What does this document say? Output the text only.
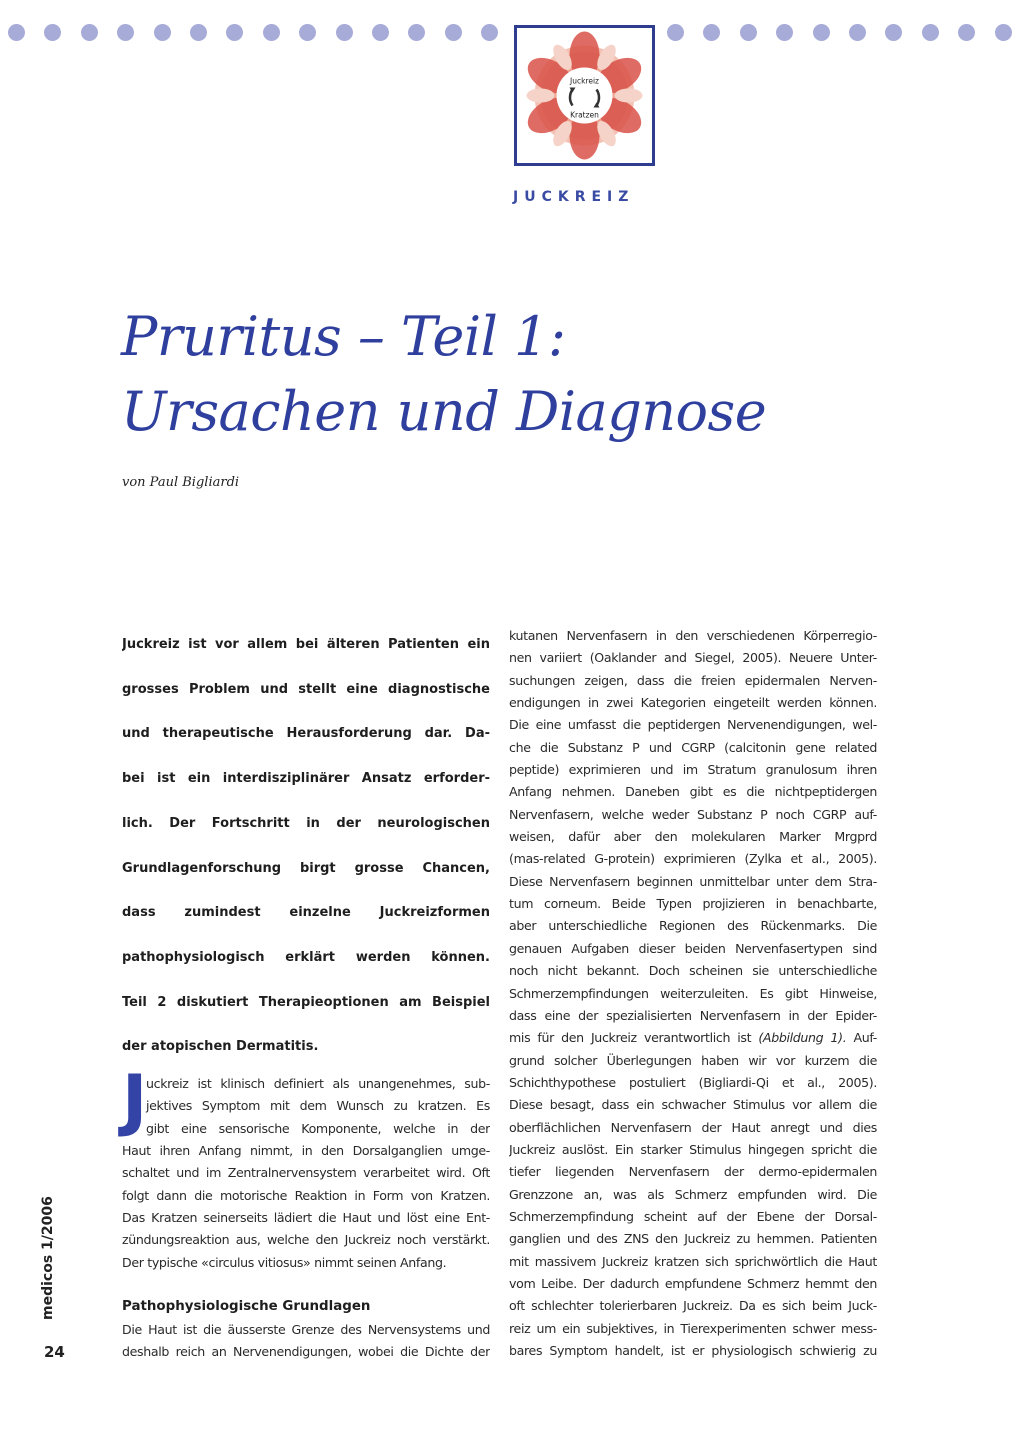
Juckreiz
Kratzen
JUCKREIZ
Pruritus – Teil 1:
Ursachen und Diagnose
von Paul Bigliardi
Juckreiz ist vor allem bei älteren Patienten ein
grosses Problem und stellt eine diagnostische
und therapeutische Herausforderung dar. Da-
bei ist ein interdisziplinärer Ansatz erforder-
lich. Der Fortschritt in der neurologischen
Grundlagenforschung birgt grosse Chancen,
dass zumindest einzelne Juckreizformen
pathophysiologisch erklärt werden können.
Teil 2 diskutiert Therapieoptionen am Beispiel
der atopischen Dermatitis.
J
uckreiz ist klinisch definiert als unangenehmes, sub-
jektives Symptom mit dem Wunsch zu kratzen. Es
gibt eine sensorische Komponente, welche in der
Haut ihren Anfang nimmt, in den Dorsalganglien umge-
schaltet und im Zentralnervensystem verarbeitet wird. Oft
folgt dann die motorische Reaktion in Form von Kratzen.
Das Kratzen seinerseits lädiert die Haut und löst eine Ent-
zündungsreaktion aus, welche den Juckreiz noch verstärkt.
Der typische «circulus vitiosus» nimmt seinen Anfang.
Pathophysiologische Grundlagen
Die Haut ist die äusserste Grenze des Nervensystems und
deshalb reich an Nervenendigungen, wobei die Dichte der
kutanen Nervenfasern in den verschiedenen Körperregio-
nen variiert (Oaklander and Siegel, 2005). Neuere Unter-
suchungen zeigen, dass die freien epidermalen Nerven-
endigungen in zwei Kategorien eingeteilt werden können.
Die eine umfasst die peptidergen Nervenendigungen, wel-
che die Substanz P und CGRP (calcitonin gene related
peptide) exprimieren und im Stratum granulosum ihren
Anfang nehmen. Daneben gibt es die nichtpeptidergen
Nervenfasern, welche weder Substanz P noch CGRP auf-
weisen, dafür aber den molekularen Marker Mrgprd
(mas-related G-protein) exprimieren (Zylka et al., 2005).
Diese Nervenfasern beginnen unmittelbar unter dem Stra-
tum corneum. Beide Typen projizieren in benachbarte,
aber unterschiedliche Regionen des Rückenmarks. Die
genauen Aufgaben dieser beiden Nervenfasertypen sind
noch nicht bekannt. Doch scheinen sie unterschiedliche
Schmerzempfindungen weiterzuleiten. Es gibt Hinweise,
dass eine der spezialisierten Nervenfasern in der Epider-
mis für den Juckreiz verantwortlich ist (Abbildung 1). Auf-
grund solcher Überlegungen haben wir vor kurzem die
Schichthypothese postuliert (Bigliardi-Qi et al., 2005).
Diese besagt, dass ein schwacher Stimulus vor allem die
oberflächlichen Nervenfasern der Haut anregt und dies
Juckreiz auslöst. Ein starker Stimulus hingegen spricht die
tiefer liegenden Nervenfasern der dermo-epidermalen
Grenzzone an, was als Schmerz empfunden wird. Die
Schmerzempfindung scheint auf der Ebene der Dorsal-
ganglien und des ZNS den Juckreiz zu hemmen. Patienten
mit massivem Juckreiz kratzen sich sprichwörtlich die Haut
vom Leibe. Der dadurch empfundene Schmerz hemmt den
oft schlechter tolerierbaren Juckreiz. Da es sich beim Juck-
reiz um ein subjektives, in Tierexperimenten schwer mess-
bares Symptom handelt, ist er physiologisch schwierig zu
medicos 1/2006
24
